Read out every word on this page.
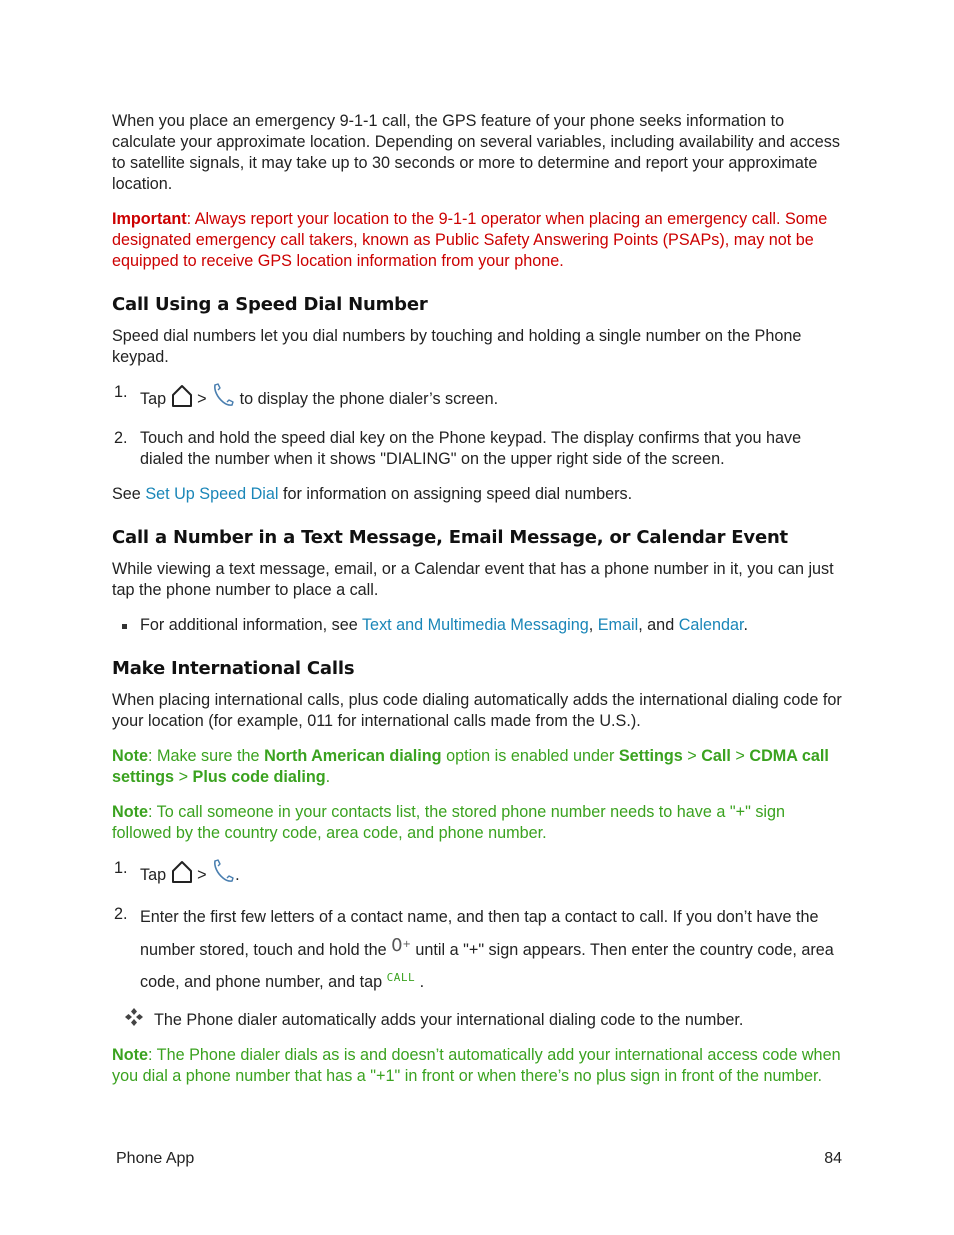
When you place an emergency 9-1-1 call, the GPS feature of your phone seeks information to calculate your approximate location. Depending on several variables, including availability and access to satellite signals, it may take up to 30 seconds or more to determine and report your approximate location.

Important: Always report your location to the 9-1-1 operator when placing an emergency call. Some designated emergency call takers, known as Public Safety Answering Points (PSAPs), may not be equipped to receive GPS location information from your phone.

Call Using a Speed Dial Number

Speed dial numbers let you dial numbers by touching and holding a single number on the Phone keypad.

1. Tap > to display the phone dialer’s screen.
2. Touch and hold the speed dial key on the Phone keypad. The display confirms that you have dialed the number when it shows "DIALING" on the upper right side of the screen.

See Set Up Speed Dial for information on assigning speed dial numbers.

Call a Number in a Text Message, Email Message, or Calendar Event

While viewing a text message, email, or a Calendar event that has a phone number in it, you can just tap the phone number to place a call.

For additional information, see Text and Multimedia Messaging, Email, and Calendar.
Make International Calls

When placing international calls, plus code dialing automatically adds the international dialing code for your location (for example, 011 for international calls made from the U.S.).

Note: Make sure the North American dialing option is enabled under Settings > Call > CDMA call settings > Plus code dialing.

Note: To call someone in your contacts list, the stored phone number needs to have a "+" sign followed by the country code, area code, and phone number.

1. Tap > .
2. Enter the first few letters of a contact name, and then tap a contact to call. If you don’t have the number stored, touch and hold the 0+ until a "+" sign appears. Then enter the country code, area code, and phone number, and tap $^{CALL}$ .
The Phone dialer automatically adds your international dialing code to the number.

Note: The Phone dialer dials as is and doesn’t automatically add your international access code when you dial a phone number that has a "+1" in front or when there’s no plus sign in front of the number.

Phone App	84
